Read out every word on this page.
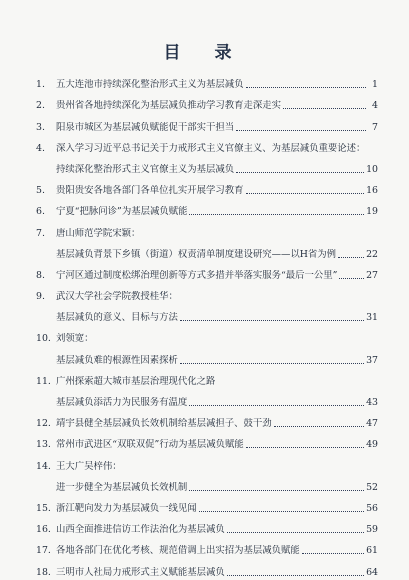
目 录
1.	五大连池市持续深化整治形式主义为基层减负	1
2.	贵州省各地持续深化为基层减负推动学习教育走深走实	4
3.	阳泉市城区为基层减负赋能促干部实干担当	7
4.	深入学习习近平总书记关于力戒形式主义官僚主义、为基层减负重要论述：
持续深化整治形式主义官僚主义为基层减负	10
5.	贵阳贵安各地各部门各单位扎实开展学习教育	16
6.	宁夏“把脉问诊”为基层减负赋能	19
7.	唐山师范学院宋颖：
基层减负背景下乡镇（街道）权责清单制度建设研究——以H省为例	22
8.	宁河区通过制度松绑治理创新等方式多措并举落实服务“最后一公里”	27
9.	武汉大学社会学院教授桂华：
基层减负的意义、目标与方法	31
10. 刘领宽：
基层减负难的根源性因素探析	37
11. 广州探索超大城市基层治理现代化之路
基层减负添活力为民服务有温度	43
12. 靖宇县健全基层减负长效机制给基层减担子、鼓干劲	47
13. 常州市武进区“双联双促”行动为基层减负赋能	49
14. 王大广吴梓伟：
进一步健全为基层减负长效机制	52
15. 浙江靶向发力为基层减负一线见闻	56
16. 山西全面推进信访工作法治化为基层减负	59
17. 各地各部门在优化考核、规范借调上出实招为基层减负赋能	61
18. 三明市人社局力戒形式主义赋能基层减负	64
